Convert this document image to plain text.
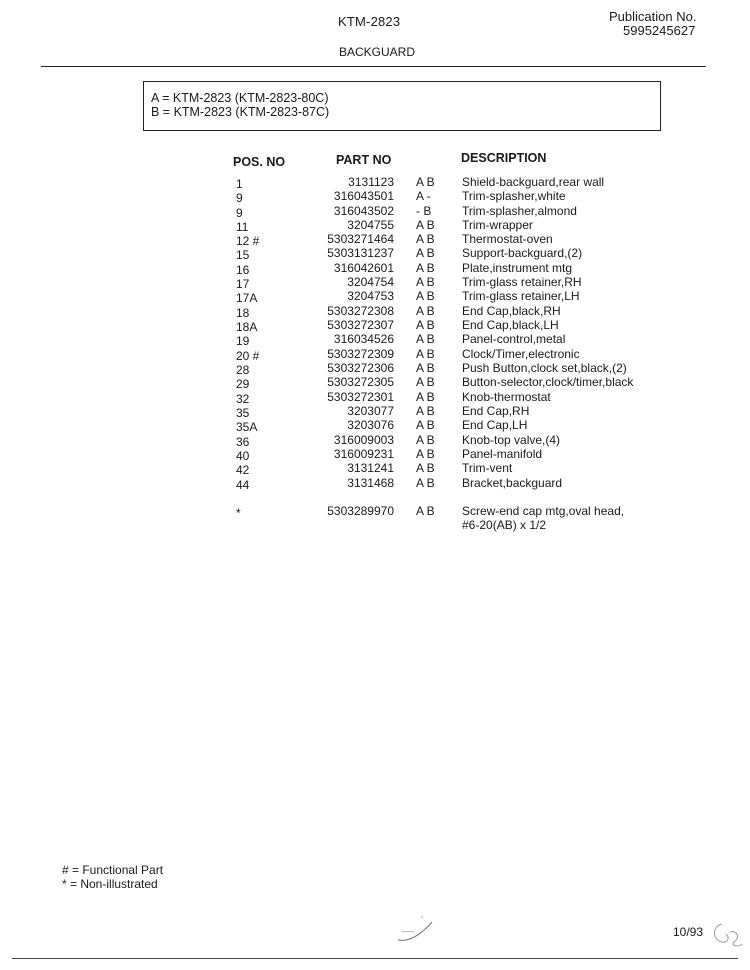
KTM-2823	Publication No.
5995245627
BACKGUARD
A = KTM-2823 (KTM-2823-80C)
B = KTM-2823 (KTM-2823-87C)
POS. NO	PART NO	DESCRIPTION
1	3131123 A B	Shield-backguard,rear wall
9	316043501 A -	Trim-splasher,white
9	316043502 - B	Trim-splasher,almond
11	3204755 A B	Trim-wrapper
12 #	5303271464 A B	Thermostat-oven
15	5303131237 A B	Support-backguard,(2)
16	316042601 A B	Plate,instrument mtg
17	3204754 A B	Trim-glass retainer,RH
17A	3204753 A B	Trim-glass retainer,LH
18	5303272308 A B	End Cap,black,RH
18A	5303272307 A B	End Cap,black,LH
19	316034526 A B	Panel-control,metal
20 #	5303272309 A B	Clock/Timer,electronic
28	5303272306 A B	Push Button,clock set,black,(2)
29	5303272305 A B	Button-selector,clock/timer,black
32	5303272301 A B	Knob-thermostat
35	3203077 A B	End Cap,RH
35A	3203076 A B	End Cap,LH
36	316009003 A B	Knob-top valve,(4)
40	316009231 A B	Panel-manifold
42	3131241 A B	Trim-vent
44	3131468 A B	Bracket,backguard
*	5303289970 A B	Screw-end cap mtg,oval head,
#6-20(AB) x 1/2
# = Functional Part
* = Non-illustrated
10/93
